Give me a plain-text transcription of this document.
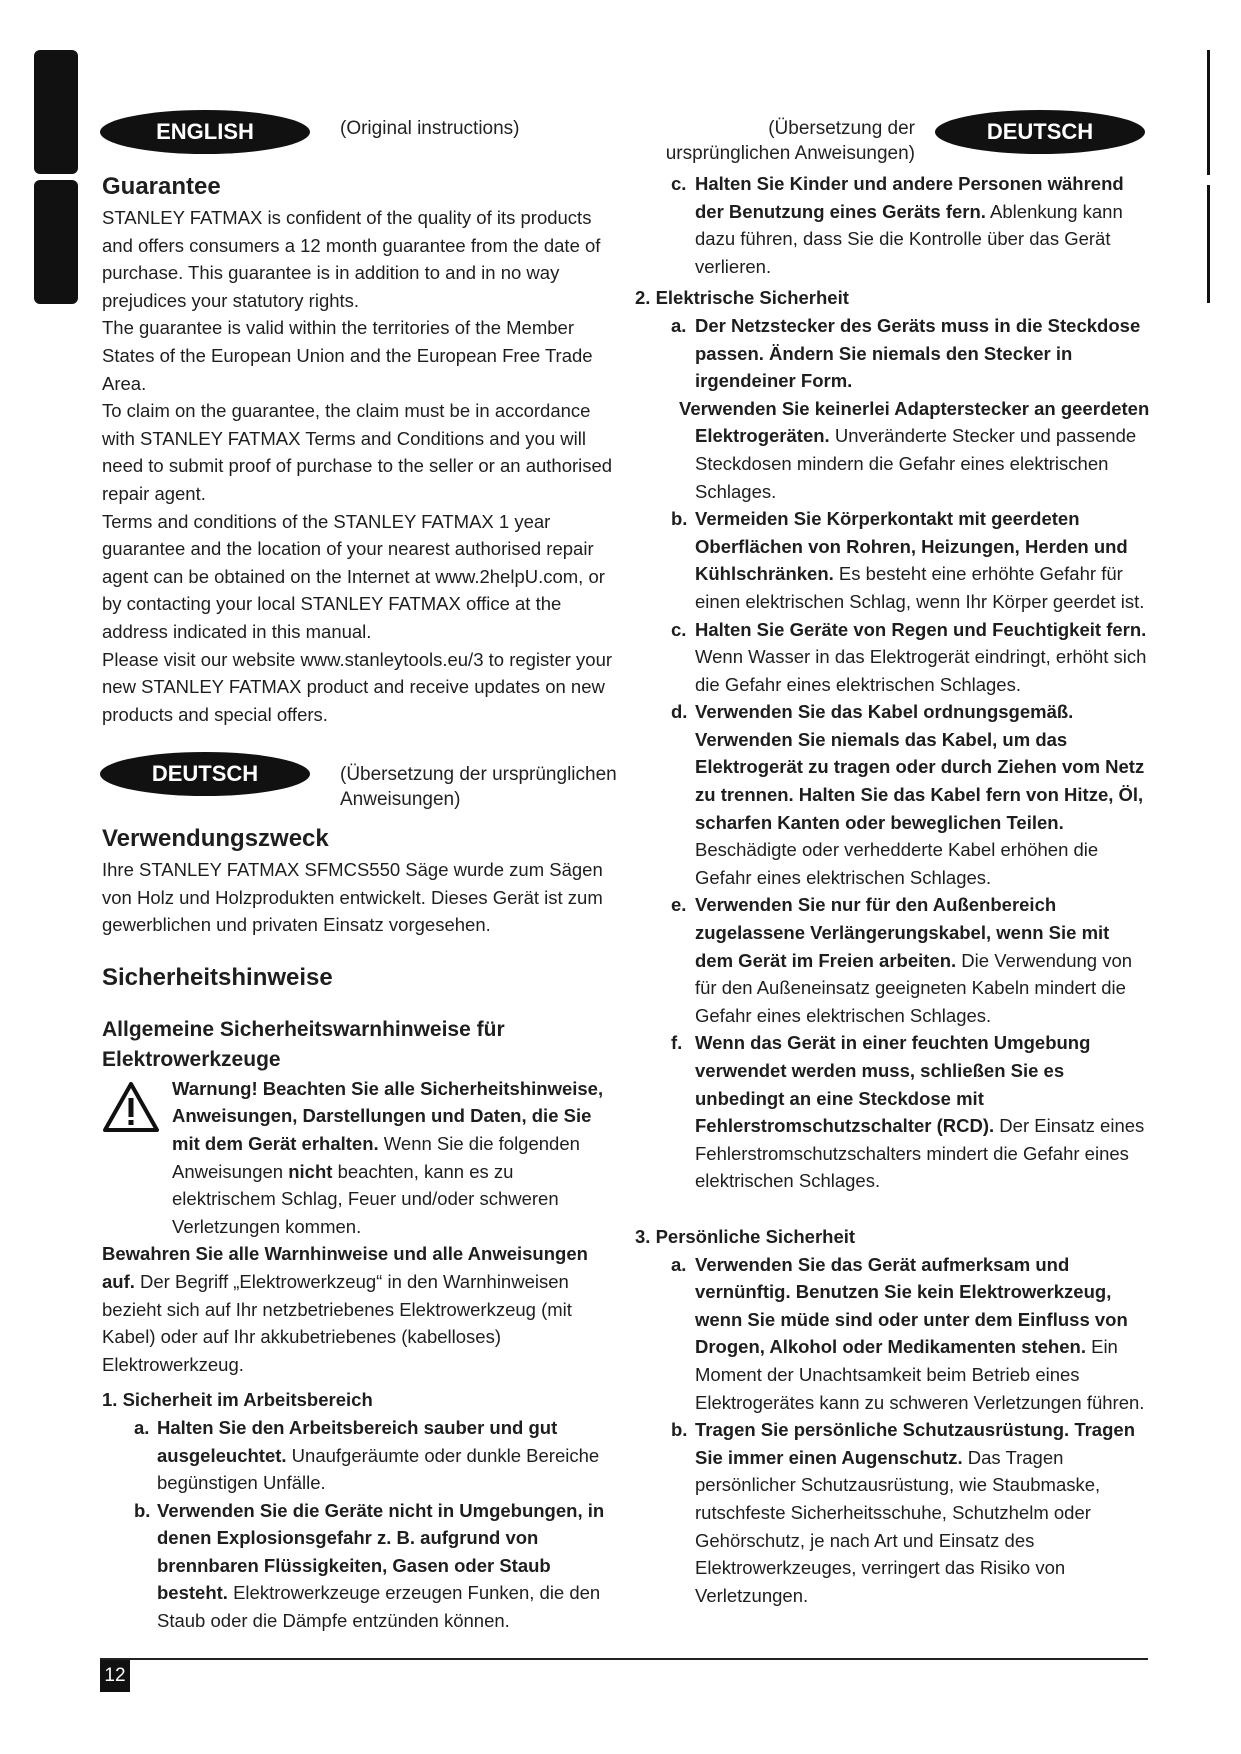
ENGLISH	(Original instructions)
Guarantee

STANLEY FATMAX is confident of the quality of its products and offers consumers a 12 month guarantee from the date of purchase. This guarantee is in addition to and in no way prejudices your statutory rights.

The guarantee is valid within the territories of the Member States of the European Union and the European Free Trade Area.

To claim on the guarantee, the claim must be in accordance with STANLEY FATMAX Terms and Conditions and you will need to submit proof of purchase to the seller or an authorised repair agent.

Terms and conditions of the STANLEY FATMAX 1 year guarantee and the location of your nearest authorised repair agent can be obtained on the Internet at www.2helpU.com, or by contacting your local STANLEY FATMAX office at the address indicated in this manual.

Please visit our website www.stanleytools.eu/3 to register your new STANLEY FATMAX product and receive updates on new products and special offers.

DEUTSCH	(Übersetzung der ursprünglichen Anweisungen)
Verwendungszweck

Ihre STANLEY FATMAX SFMCS550 Säge wurde zum Sägen von Holz und Holzprodukten entwickelt. Dieses Gerät ist zum gewerblichen und privaten Einsatz vorgesehen.

Sicherheitshinweise
Allgemeine Sicherheitswarnhinweise für Elektrowerkzeuge

Warnung! Beachten Sie alle Sicherheitshinweise, Anweisungen, Darstellungen und Daten, die Sie mit dem Gerät erhalten. Wenn Sie die folgenden Anweisungen nicht beachten, kann es zu elektrischem Schlag, Feuer und/oder schweren Verletzungen kommen.

Bewahren Sie alle Warnhinweise und alle Anweisungen auf. Der Begriff „Elektrowerkzeug“ in den Warnhinweisen bezieht sich auf Ihr netzbetriebenes Elektrowerkzeug (mit Kabel) oder auf Ihr akkubetriebenes (kabelloses) Elektrowerkzeug.

1. Sicherheit im Arbeitsbereich

a. Halten Sie den Arbeitsbereich sauber und gut ausgeleuchtet. Unaufgeräumte oder dunkle Bereiche begünstigen Unfälle.

b. Verwenden Sie die Geräte nicht in Umgebungen, in denen Explosionsgefahr z. B. aufgrund von brennbaren Flüssigkeiten, Gasen oder Staub besteht. Elektrowerkzeuge erzeugen Funken, die den Staub oder die Dämpfe entzünden können.

(Übersetzung der ursprünglichen Anweisungen)
DEUTSCH
c. Halten Sie Kinder und andere Personen während der Benutzung eines Geräts fern. Ablenkung kann dazu führen, dass Sie die Kontrolle über das Gerät verlieren.

2. Elektrische Sicherheit

a. Der Netzstecker des Geräts muss in die Steckdose passen. Ändern Sie niemals den Stecker in irgendeiner Form.

Verwenden Sie keinerlei Adapterstecker an geerdeten Elektrogeräten. Unveränderte Stecker und passende Steckdosen mindern die Gefahr eines elektrischen Schlages.

b. Vermeiden Sie Körperkontakt mit geerdeten Oberflächen von Rohren, Heizungen, Herden und Kühlschränken. Es besteht eine erhöhte Gefahr für einen elektrischen Schlag, wenn Ihr Körper geerdet ist.

c. Halten Sie Geräte von Regen und Feuchtigkeit fern. Wenn Wasser in das Elektrogerät eindringt, erhöht sich die Gefahr eines elektrischen Schlages.

d. Verwenden Sie das Kabel ordnungsgemäß. Verwenden Sie niemals das Kabel, um das Elektrogerät zu tragen oder durch Ziehen vom Netz zu trennen. Halten Sie das Kabel fern von Hitze, Öl, scharfen Kanten oder beweglichen Teilen. Beschädigte oder verhedderte Kabel erhöhen die Gefahr eines elektrischen Schlages.

e. Verwenden Sie nur für den Außenbereich zugelassene Verlängerungskabel, wenn Sie mit dem Gerät im Freien arbeiten. Die Verwendung von für den Außeneinsatz geeigneten Kabeln mindert die Gefahr eines elektrischen Schlages.

f. Wenn das Gerät in einer feuchten Umgebung verwendet werden muss, schließen Sie es unbedingt an eine Steckdose mit Fehlerstromschutzschalter (RCD). Der Einsatz eines Fehlerstromschutzschalters mindert die Gefahr eines elektrischen Schlages.

3. Persönliche Sicherheit

a. Verwenden Sie das Gerät aufmerksam und vernünftig. Benutzen Sie kein Elektrowerkzeug, wenn Sie müde sind oder unter dem Einfluss von Drogen, Alkohol oder Medikamenten stehen. Ein Moment der Unachtsamkeit beim Betrieb eines Elektrogerätes kann zu schweren Verletzungen führen.

b. Tragen Sie persönliche Schutzausrüstung. Tragen Sie immer einen Augenschutz. Das Tragen persönlicher Schutzausrüstung, wie Staubmaske, rutschfeste Sicherheitsschuhe, Schutzhelm oder Gehörschutz, je nach Art und Einsatz des Elektrowerkzeuges, verringert das Risiko von Verletzungen.

12
